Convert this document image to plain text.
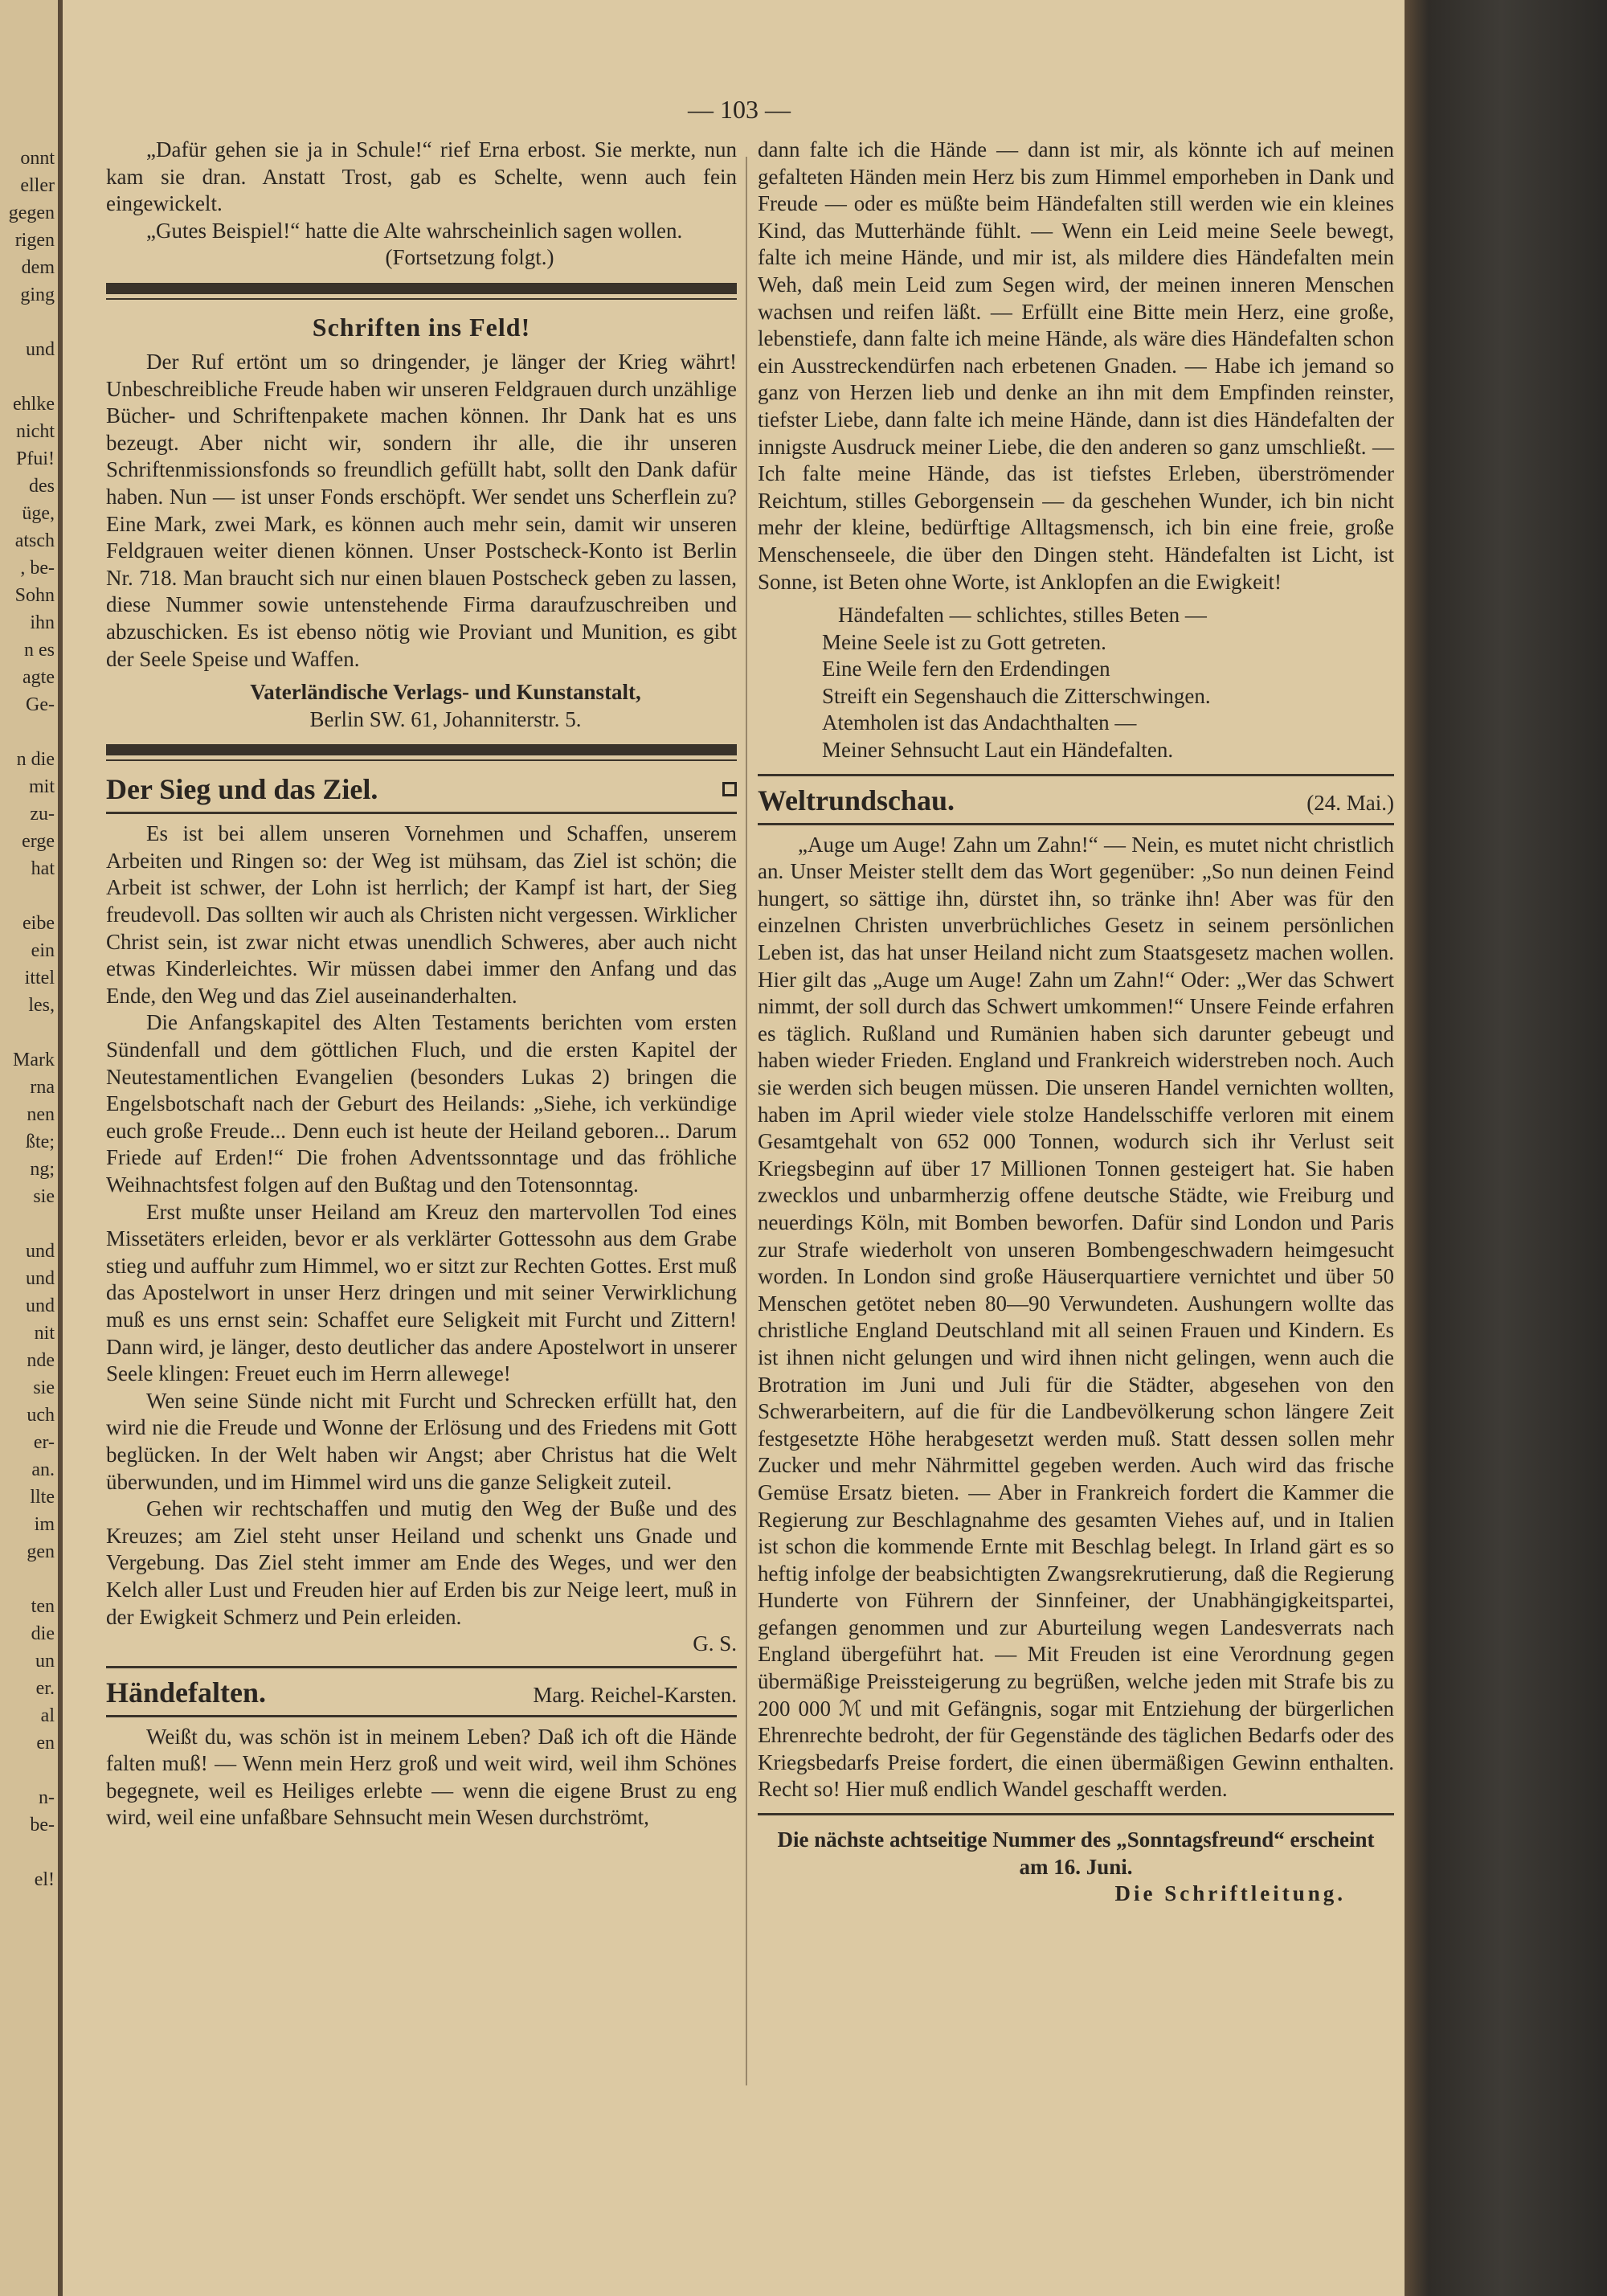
onnt
eller
gegen
rigen
dem
ging

und

ehlke
nicht
Pfui!
des
üge,
atsch
, be-
Sohn
ihn
n es
agte
Ge-

n die
mit
zu-
erge
hat

eibe
ein
ittel
les,

Mark
rna
nen
ßte;
ng;
sie

und
und
und
nit
nde
sie
uch
er-
an.
llte
im
gen

ten
die
un
er.
al
en

n-
be-

el!
— 103 —

„Dafür gehen sie ja in Schule!“ rief Erna erbost. Sie merkte, nun kam sie dran. Anstatt Trost, gab es Schelte, wenn auch fein eingewickelt.

„Gutes Beispiel!“ hatte die Alte wahrscheinlich sagen wollen.

(Fortsetzung folgt.)
Schriften ins Feld!

Der Ruf ertönt um so dringender, je länger der Krieg währt! Unbeschreibliche Freude haben wir unseren Feldgrauen durch unzählige Bücher- und Schriftenpakete machen können. Ihr Dank hat es uns bezeugt. Aber nicht wir, sondern ihr alle, die ihr unseren Schriftenmissionsfonds so freundlich gefüllt habt, sollt den Dank dafür haben. Nun — ist unser Fonds erschöpft. Wer sendet uns Scherflein zu? Eine Mark, zwei Mark, es können auch mehr sein, damit wir unseren Feldgrauen weiter dienen können. Unser Postscheck-Konto ist Berlin Nr. 718. Man braucht sich nur einen blauen Postscheck geben zu lassen, diese Nummer sowie untenstehende Firma daraufzuschreiben und abzuschicken. Es ist ebenso nötig wie Proviant und Munition, es gibt der Seele Speise und Waffen.

Vaterländische Verlags- und Kunstanstalt,
Berlin SW. 61, Johanniterstr. 5.
Der Sieg und das Ziel.

Es ist bei allem unseren Vornehmen und Schaffen, unserem Arbeiten und Ringen so: der Weg ist mühsam, das Ziel ist schön; die Arbeit ist schwer, der Lohn ist herrlich; der Kampf ist hart, der Sieg freudevoll. Das sollten wir auch als Christen nicht vergessen. Wirklicher Christ sein, ist zwar nicht etwas unendlich Schweres, aber auch nicht etwas Kinderleichtes. Wir müssen dabei immer den Anfang und das Ende, den Weg und das Ziel auseinanderhalten.

Die Anfangskapitel des Alten Testaments berichten vom ersten Sündenfall und dem göttlichen Fluch, und die ersten Kapitel der Neutestamentlichen Evangelien (besonders Lukas 2) bringen die Engelsbotschaft nach der Geburt des Heilands: „Siehe, ich verkündige euch große Freude... Denn euch ist heute der Heiland geboren... Darum Friede auf Erden!“ Die frohen Adventssonntage und das fröhliche Weihnachtsfest folgen auf den Bußtag und den Totensonntag.

Erst mußte unser Heiland am Kreuz den martervollen Tod eines Missetäters erleiden, bevor er als verklärter Gottessohn aus dem Grabe stieg und auffuhr zum Himmel, wo er sitzt zur Rechten Gottes. Erst muß das Apostelwort in unser Herz dringen und mit seiner Verwirklichung muß es uns ernst sein: Schaffet eure Seligkeit mit Furcht und Zittern! Dann wird, je länger, desto deutlicher das andere Apostelwort in unserer Seele klingen: Freuet euch im Herrn allewege!

Wen seine Sünde nicht mit Furcht und Schrecken erfüllt hat, den wird nie die Freude und Wonne der Erlösung und des Friedens mit Gott beglücken. In der Welt haben wir Angst; aber Christus hat die Welt überwunden, und im Himmel wird uns die ganze Seligkeit zuteil.

Gehen wir rechtschaffen und mutig den Weg der Buße und des Kreuzes; am Ziel steht unser Heiland und schenkt uns Gnade und Vergebung. Das Ziel steht immer am Ende des Weges, und wer den Kelch aller Lust und Freuden hier auf Erden bis zur Neige leert, muß in der Ewigkeit Schmerz und Pein erleiden.

G. S.
Händefalten.	Marg. Reichel-Karsten.

Weißt du, was schön ist in meinem Leben? Daß ich oft die Hände falten muß! — Wenn mein Herz groß und weit wird, weil ihm Schönes begegnete, weil es Heiliges erlebte — wenn die eigene Brust zu eng wird, weil eine unfaßbare Sehnsucht mein Wesen durchströmt,

dann falte ich die Hände — dann ist mir, als könnte ich auf meinen gefalteten Händen mein Herz bis zum Himmel emporheben in Dank und Freude — oder es müßte beim Händefalten still werden wie ein kleines Kind, das Mutterhände fühlt. — Wenn ein Leid meine Seele bewegt, falte ich meine Hände, und mir ist, als mildere dies Händefalten mein Weh, daß mein Leid zum Segen wird, der meinen inneren Menschen wachsen und reifen läßt. — Erfüllt eine Bitte mein Herz, eine große, lebenstiefe, dann falte ich meine Hände, als wäre dies Händefalten schon ein Ausstreckendürfen nach erbetenen Gnaden. — Habe ich jemand so ganz von Herzen lieb und denke an ihn mit dem Empfinden reinster, tiefster Liebe, dann falte ich meine Hände, dann ist dies Händefalten der innigste Ausdruck meiner Liebe, die den anderen so ganz umschließt. — Ich falte meine Hände, das ist tiefstes Erleben, überströmender Reichtum, stilles Geborgensein — da geschehen Wunder, ich bin nicht mehr der kleine, bedürftige Alltagsmensch, ich bin eine freie, große Menschenseele, die über den Dingen steht. Händefalten ist Licht, ist Sonne, ist Beten ohne Worte, ist Anklopfen an die Ewigkeit!

Händefalten — schlichtes, stilles Beten —
Meine Seele ist zu Gott getreten.
Eine Weile fern den Erdendingen
Streift ein Segenshauch die Zitterschwingen.
Atemholen ist das Andachthalten —
Meiner Sehnsucht Laut ein Händefalten.
Weltrundschau.	(24. Mai.)

„Auge um Auge! Zahn um Zahn!“ — Nein, es mutet nicht christlich an. Unser Meister stellt dem das Wort gegenüber: „So nun deinen Feind hungert, so sättige ihn, dürstet ihn, so tränke ihn! Aber was für den einzelnen Christen unverbrüchliches Gesetz in seinem persönlichen Leben ist, das hat unser Heiland nicht zum Staatsgesetz machen wollen. Hier gilt das „Auge um Auge! Zahn um Zahn!“ Oder: „Wer das Schwert nimmt, der soll durch das Schwert umkommen!“ Unsere Feinde erfahren es täglich. Rußland und Rumänien haben sich darunter gebeugt und haben wieder Frieden. England und Frankreich widerstreben noch. Auch sie werden sich beugen müssen. Die unseren Handel vernichten wollten, haben im April wieder viele stolze Handelsschiffe verloren mit einem Gesamtgehalt von 652 000 Tonnen, wodurch sich ihr Verlust seit Kriegsbeginn auf über 17 Millionen Tonnen gesteigert hat. Sie haben zwecklos und unbarmherzig offene deutsche Städte, wie Freiburg und neuerdings Köln, mit Bomben beworfen. Dafür sind London und Paris zur Strafe wiederholt von unseren Bombengeschwadern heimgesucht worden. In London sind große Häuserquartiere vernichtet und über 50 Menschen getötet neben 80—90 Verwundeten. Aushungern wollte das christliche England Deutschland mit all seinen Frauen und Kindern. Es ist ihnen nicht gelungen und wird ihnen nicht gelingen, wenn auch die Brotration im Juni und Juli für die Städter, abgesehen von den Schwerarbeitern, auf die für die Landbevölkerung schon längere Zeit festgesetzte Höhe herabgesetzt werden muß. Statt dessen sollen mehr Zucker und mehr Nährmittel gegeben werden. Auch wird das frische Gemüse Ersatz bieten. — Aber in Frankreich fordert die Kammer die Regierung zur Beschlagnahme des gesamten Viehes auf, und in Italien ist schon die kommende Ernte mit Beschlag belegt. In Irland gärt es so heftig infolge der beabsichtigten Zwangsrekrutierung, daß die Regierung Hunderte von Führern der Sinnfeiner, der Unabhängigkeitspartei, gefangen genommen und zur Aburteilung wegen Landesverrats nach England übergeführt hat. — Mit Freuden ist eine Verordnung gegen übermäßige Preissteigerung zu begrüßen, welche jeden mit Strafe bis zu 200 000 ℳ und mit Gefängnis, sogar mit Entziehung der bürgerlichen Ehrenrechte bedroht, der für Gegenstände des täglichen Bedarfs oder des Kriegsbedarfs Preise fordert, die einen übermäßigen Gewinn enthalten. Recht so! Hier muß endlich Wandel geschafft werden.

Die nächste achtseitige Nummer des „Sonntagsfreund“ erscheint am 16. Juni.

Die Schriftleitung.
